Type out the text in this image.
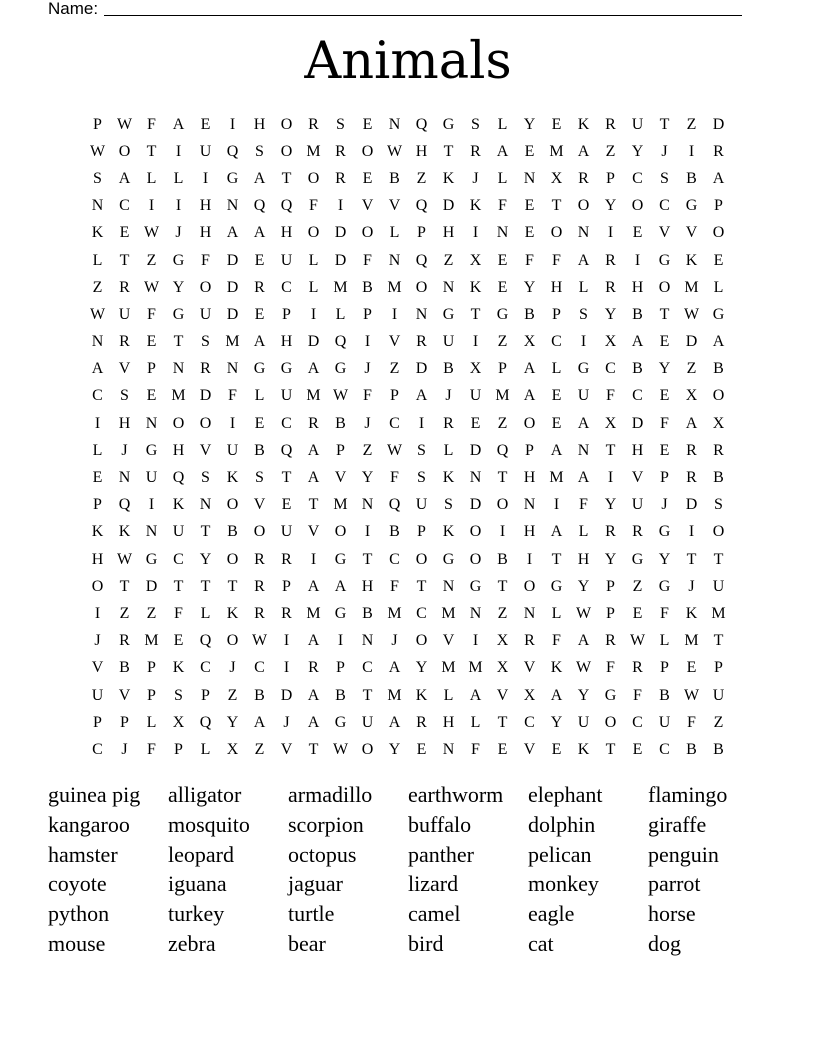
Name:
Animals
P W F	A	E	I	H O R	S	E	N Q G	S	L	Y	E	K R U	T	Z	D
W O	T	I	U Q	S	O M R O W H	T	R A	E M A	Z	Y	J	I	R
S	A	L	L	I	G A	T	O R	E	B	Z	K	J	L	N X R	P	C	S	B A
N C	I	I	H N Q Q	F	I	V V Q D K	F	E	T	O Y O C G	P
K	E W	J	H A A H O D O	L	P	H	I	N	E	O N	I	E	V V O
L	T	Z	G	F	D	E	U	L	D	F	N Q	Z	X	E	F	F	A R	I	G K	E
Z	R W Y O D R	C	L M B M O N K	E	Y H	L	R H O M L
W U	F	G U D	E	P	I	L	P	I	N G	T	G B	P	S	Y B	T W G
N R	E	T	S M A H D Q	I	V R U	I	Z	X C	I	X A	E	D A
A V	P	N R N G G A G	J	Z	D B X	P	A	L	G C	B Y	Z	B
C	S	E M D	F	L	U M W F	P	A	J	U M A	E	U	F	C	E	X O
I	H N O O	I	E	C	R	B	J	C	I	R	E	Z	O	E	A X D	F	A X
L	J	G H V U B Q A	P	Z W S	L	D Q	P	A N	T	H	E	R	R
E	N U Q	S	K	S	T	A V Y	F	S	K N	T	H M A	I	V	P	R	B
P	Q	I	K N O V	E	T M N Q U	S	D O N	I	F	Y U	J	D	S
K K N U	T	B O U V O	I	B	P	K O	I	H A	L	R	R G	I	O
H W G C Y O R	R	I	G	T	C O G O B	I	T	H Y G Y	T	T
O	T	D	T	T	T	R	P	A A H	F	T	N G	T	O G Y	P	Z	G	J	U
I	Z	Z	F	L	K R	R M G B M C M N	Z	N	L W P	E	F	K M
J	R M E	Q O W	I	A	I	N	J	O V	I	X R	F	A R W L M T
V B	P	K C	J	C	I	R	P	C A Y M M X V K W F	R	P	E	P
U V	P	S	P	Z	B D A B	T M K	L	A V X A Y G	F	B W U
P	P	L	X Q Y A	J	A G U A R H	L	T	C Y U O C U	F	Z
C	J	F	P	L	X	Z	V	T W O Y	E	N	F	E	V	E	K	T	E	C	B	B
guinea pig	alligator	armadillo	earthworm	elephant	flamingo
kangaroo	mosquito	scorpion	buffalo	dolphin	giraffe
hamster	leopard	octopus	panther	pelican	penguin
coyote	iguana	jaguar	lizard	monkey	parrot
python	turkey	turtle	camel	eagle	horse
mouse	zebra	bear	bird	cat	dog
